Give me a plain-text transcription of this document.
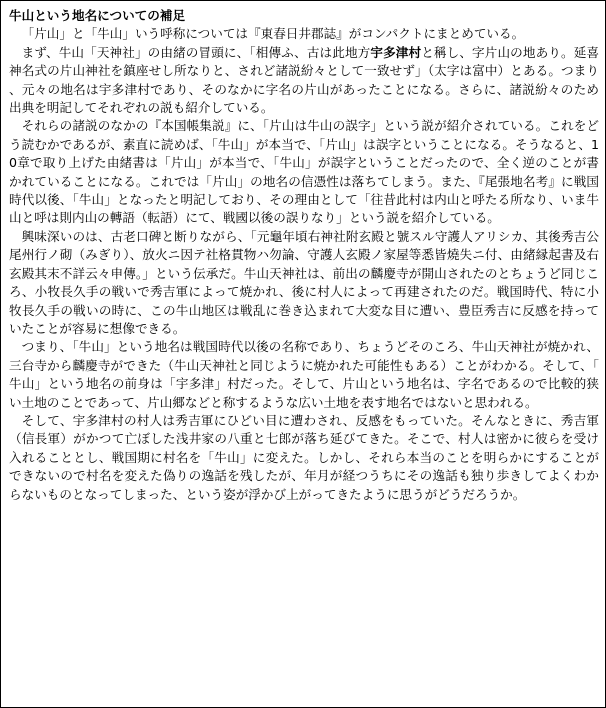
牛山という地名についての補足

「片山」と「牛山」いう呼称については『東春日井郡誌』がコンパクトにまとめている。

まず、牛山「天神社」の由緒の冒頭に、「相傳ふ、古は此地方宇多津村と稱し、字片山の地あり。延喜神名式の片山神社を鎮座せし所なりと、されど諸説紛々として一致せず」（太字は富中）とある。つまり、元々の地名は宇多津村であり、そのなかに字名の片山があったことになる。さらに、諸説紛々のため出典を明記してそれぞれの説も紹介している。

それらの諸説のなかの『本国帳集説』に、「片山は牛山の誤字」という説が紹介されている。これをどう読むかであるが、素直に読めば、「牛山」が本当で、「片山」は誤字ということになる。そうなると、10章で取り上げた由緒書は「片山」が本当で、「牛山」が誤字ということだったので、全く逆のことが書かれていることになる。これでは「片山」の地名の信憑性は落ちてしまう。また、『尾張地名考』に戦国時代以後、「牛山」となったと明記しており、その理由として「往昔此村は内山と呼たる所なり、いま牛山と呼は則内山の轉語（転語）にて、戦國以後の誤りなり」という説を紹介している。

興味深いのは、古老口碑と断りながら、「元龜年頃右神社附玄殿と號スル守護人アリシカ、其後秀吉公尾州行ノ砌（みぎり）、放火ニ因テ社格貫物ハ勿論、守護人玄殿ノ家屋等悉皆燒失ニ付、由緒縁起書及右玄殿其末不詳云々申傳。」という伝承だ。牛山天神社は、前出の麟慶寺が開山されたのとちょうど同じころ、小牧長久手の戦いで秀吉軍によって焼かれ、後に村人によって再建されたのだ。戦国時代、特に小牧長久手の戦いの時に、この牛山地区は戦乱に巻き込まれて大変な目に遭い、豊臣秀吉に反感を持っていたことが容易に想像できる。

つまり、「牛山」という地名は戦国時代以後の名称であり、ちょうどそのころ、牛山天神社が焼かれ、三台寺から麟慶寺ができた（牛山天神社と同じように焼かれた可能性もある）ことがわかる。そして、「牛山」という地名の前身は「宇多津」村だった。そして、片山という地名は、字名であるので比較的狭い土地のことであって、片山郷などと称するような広い土地を表す地名ではないと思われる。

そして、宇多津村の村人は秀吉軍にひどい目に遭わされ、反感をもっていた。そんなときに、秀吉軍（信長軍）がかつて亡ぼした浅井家の八重と七郎が落ち延びてきた。そこで、村人は密かに彼らを受け入れることとし、戦国期に村名を「牛山」に変えた。しかし、それら本当のことを明らかにすることができないので村名を変えた偽りの逸話を残したが、年月が経つうちにその逸話も独り歩きしてよくわからないものとなってしまった、という姿が浮かび上がってきたように思うがどうだろうか。
